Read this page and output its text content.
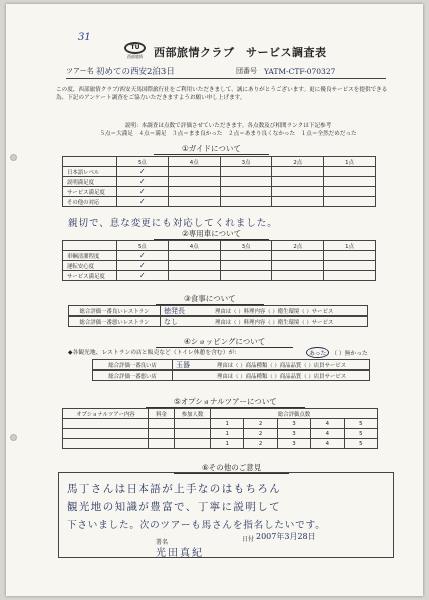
31
TU
西部旅情 西部旅情クラブ　サービス調査表
ツアー名 初めての西安2泊3日	団番号 YATM-CTF-070327
この度、西部旅情クラブ/西安天馬国際旅行社をご利用いただきまして、誠にありがとうございます。更に優良サービスを提供できる為、下記のアンケート調査をご協力いただきますようお願い申し上げます。
説明：本調査は点数で評価させていただきます。各点数及び相関ランクは下記参考
５点＝大満足　４点＝満足　３点＝まま良かった　２点＝あまり良くなかった　１点＝全然だめだった
①ガイドについて
	5点	4点	3点	2点	1点
日本語レベル	✓				
説明満足度	✓				
サービス満足度	✓				
その他の対応	✓				
親切で、息な変更にも対応してくれました。
②専用車について
	5点	4点	3点	2点	1点
車輌清潔程度	✓				
運転安心度	✓				
サービス満足度	✓				
③食事について
総合評価一番良いレストラン	徳発長	理由は（ ）料理内容（ ）衛生環境（ ）サービス
総合評価一番悪いレストラン	なし	理由は（ ）料理内容（ ）衛生環境（ ）サービス
④ショッピングについて
◆各観光地、レストランの店と販売など（トイレ休憩を含む）が:	あった （ ）無かった
総合評価一番良い店	玉器	理由は（ ）商品種類（ ）商品品質（ ）店員サービス
総合評価一番悪い店	理由は（ ）商品種類（ ）商品品質（ ）店員サービス
⑤オプショナルツアーについて
オプショナルツアー内容	料金	参加人数	総合評価点数				
			1	2	3	4	5
			1	2	3	4	5
			1	2	3	4	5
⑥その他のご意見
馬丁さんは日本語が上手なのはもちろん
観光地の知識が豊富で、丁寧に説明して
下さいました。次のツアーも馬さんを指名したいです。
署名
光田真紀
日付 2007年3月28日
